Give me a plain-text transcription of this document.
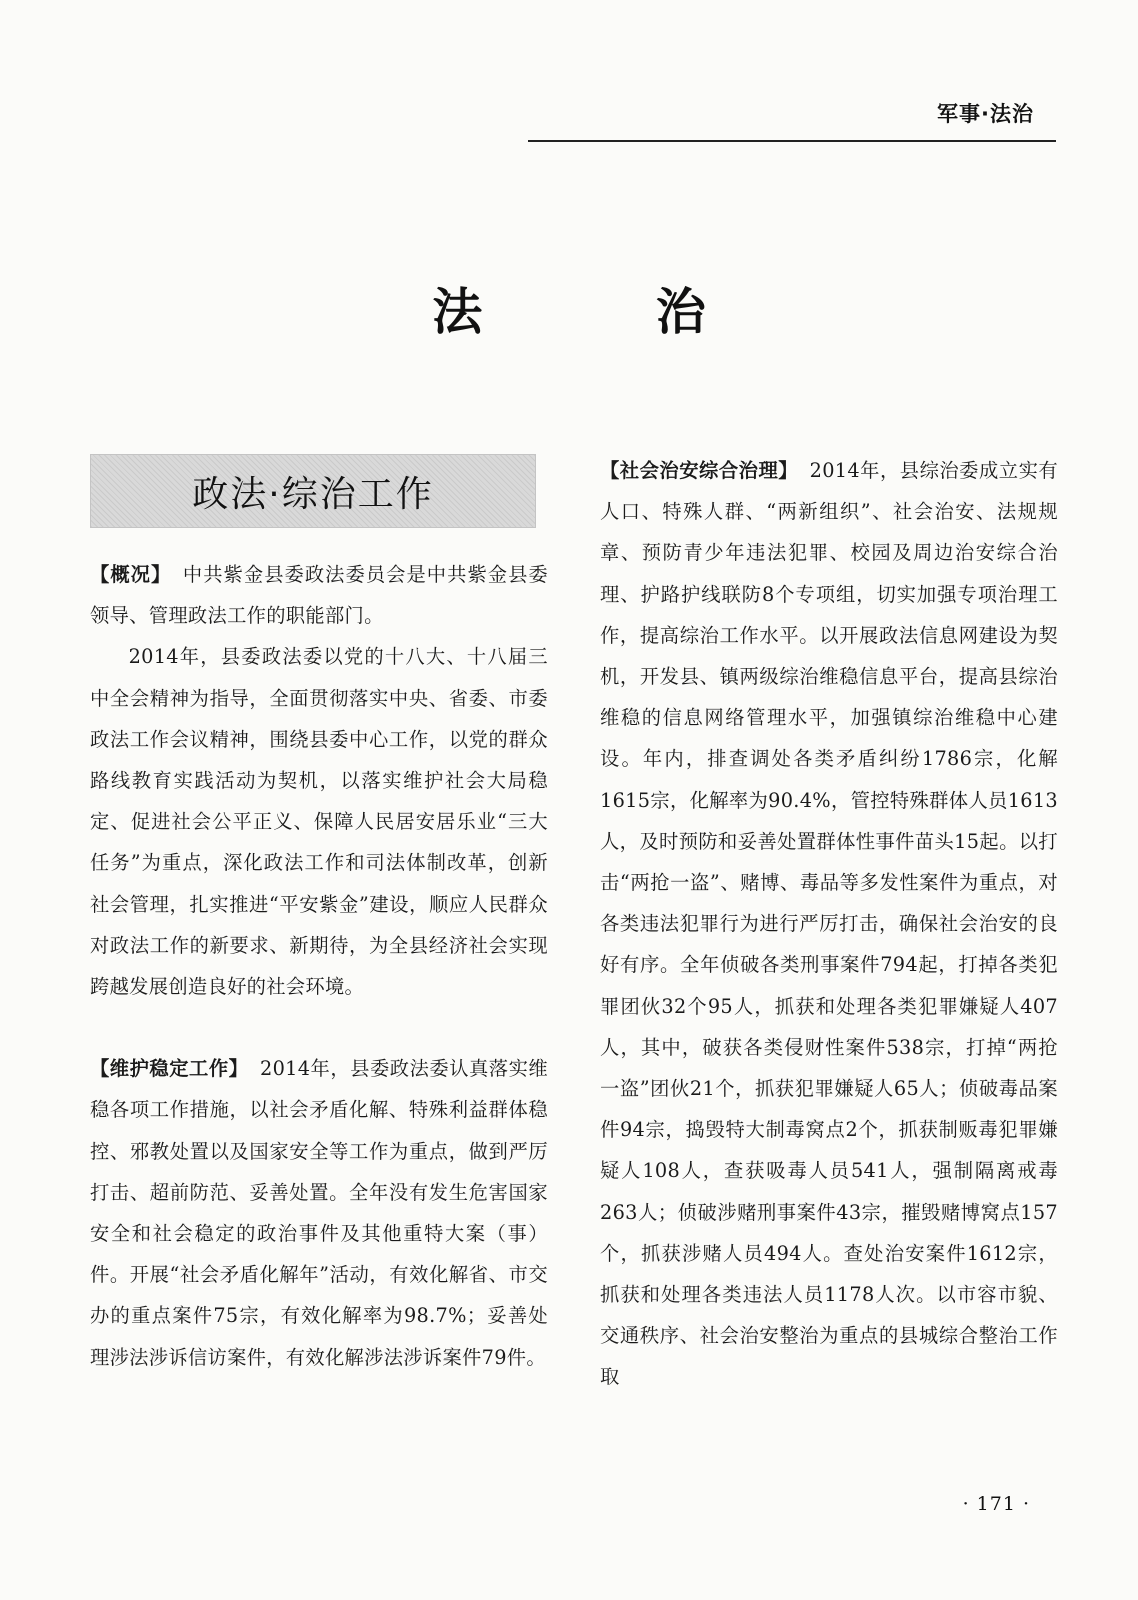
军事·法治
法 治
政法·综治工作

【概况】 中共紫金县委政法委员会是中共紫金县委领导、管理政法工作的职能部门。

2014年，县委政法委以党的十八大、十八届三中全会精神为指导，全面贯彻落实中央、省委、市委政法工作会议精神，围绕县委中心工作，以党的群众路线教育实践活动为契机，以落实维护社会大局稳定、促进社会公平正义、保障人民居安居乐业“三大任务”为重点，深化政法工作和司法体制改革，创新社会管理，扎实推进“平安紫金”建设，顺应人民群众对政法工作的新要求、新期待，为全县经济社会实现跨越发展创造良好的社会环境。

【维护稳定工作】 2014年，县委政法委认真落实维稳各项工作措施，以社会矛盾化解、特殊利益群体稳控、邪教处置以及国家安全等工作为重点，做到严厉打击、超前防范、妥善处置。全年没有发生危害国家安全和社会稳定的政治事件及其他重特大案（事）件。开展“社会矛盾化解年”活动，有效化解省、市交办的重点案件75宗，有效化解率为98.7%；妥善处理涉法涉诉信访案件，有效化解涉法涉诉案件79件。

【社会治安综合治理】 2014年，县综治委成立实有人口、特殊人群、“两新组织”、社会治安、法规规章、预防青少年违法犯罪、校园及周边治安综合治理、护路护线联防8个专项组，切实加强专项治理工作，提高综治工作水平。以开展政法信息网建设为契机，开发县、镇两级综治维稳信息平台，提高县综治维稳的信息网络管理水平，加强镇综治维稳中心建设。年内，排查调处各类矛盾纠纷1786宗，化解1615宗，化解率为90.4%，管控特殊群体人员1613人，及时预防和妥善处置群体性事件苗头15起。以打击“两抢一盗”、赌博、毒品等多发性案件为重点，对各类违法犯罪行为进行严厉打击，确保社会治安的良好有序。全年侦破各类刑事案件794起，打掉各类犯罪团伙32个95人，抓获和处理各类犯罪嫌疑人407人，其中，破获各类侵财性案件538宗，打掉“两抢一盗”团伙21个，抓获犯罪嫌疑人65人；侦破毒品案件94宗，捣毁特大制毒窝点2个，抓获制贩毒犯罪嫌疑人108人，查获吸毒人员541人，强制隔离戒毒263人；侦破涉赌刑事案件43宗，摧毁赌博窝点157个，抓获涉赌人员494人。查处治安案件1612宗，抓获和处理各类违法人员1178人次。以市容市貌、交通秩序、社会治安整治为重点的县城综合整治工作取

· 171 ·
